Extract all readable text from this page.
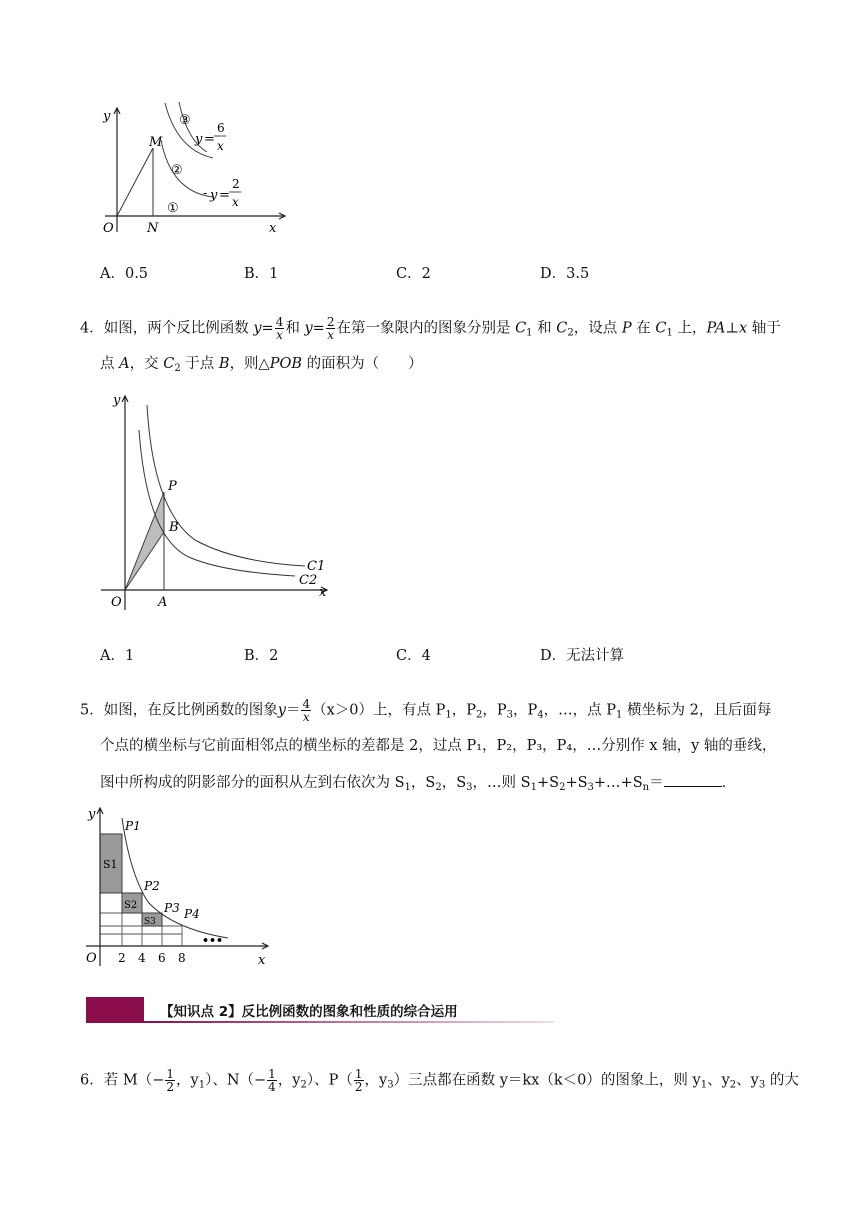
y
x
O
M
N
③
②
①
y =
6
x
- y =
2
x
A．0.5	B．1	C．2	D．3.5
4．如图，两个反比例函数 $y= \frac{4}{x}$ 和 $y= \frac{2}{x}$ 在第一象限内的图象分别是 $C_1$ 和 $C_2$，设点 P 在 $C_1$ 上，PA⊥x 轴于
点 A，交 $C_2$ 于点 B，则△POB 的面积为（　　）
y
x
O
P
B
A
C1
C2
A．1	B．2	C．4	D．无法计算
5．如图，在反比例函数的图象$y= \frac{4}{x} (x>0)$上，有点 $P_1$，$P_2$，$P_3$，$P_4$，…，点 $P_1$ 横坐标为 2，且后面每
个点的横坐标与它前面相邻点的横坐标的差都是 2，过点 P₁，P₂，P₃，P₄，…分别作 x 轴，y 轴的垂线，
图中所构成的阴影部分的面积从左到右依次为 $S_1$，$S_2$，$S_3$，…则 $S_1+S_2+S_3+\dots+S_n=$	．
y
x
O 2 4 6 8
P1
P2
P3 P4
S1
S2
S3
•••
【知识点 2】反比例函数的图象和性质的综合运用
6．若 $M(- \frac{1}{2}$ ，$y_1$）、$N(- \frac{1}{4}$ ，$y_2$）、$P( \frac{1}{2}$ ，$y_3$）三点都在函数 y＝kx（k＜0）的图象上，则 $y_1$、$y_2$、$y_3$ 的大
